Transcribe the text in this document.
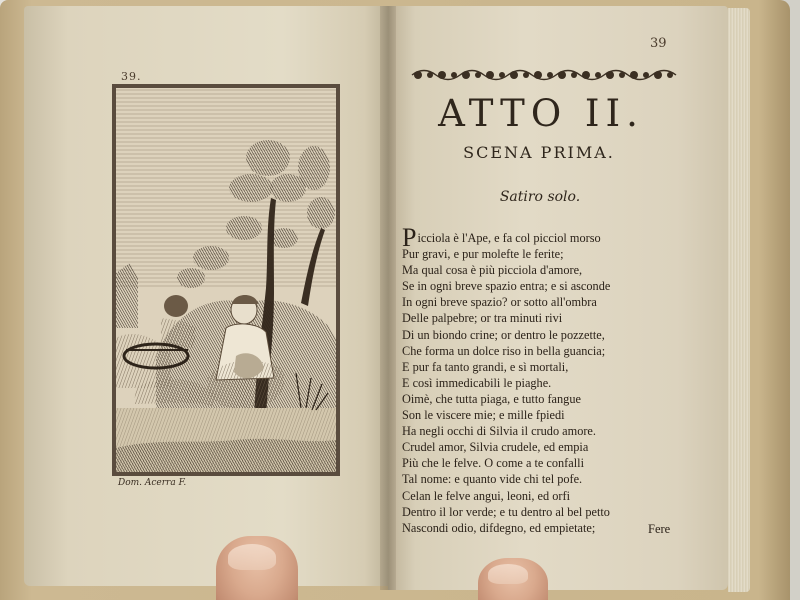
39.
Dom. Acerra F.
39
ATTO II.
SCENA PRIMA.
Satiro solo.
Picciola è l'Ape, e fa col picciol morso
Pur gravi, e pur molefte le ferite;
Ma qual cosa è più picciola d'amore,
Se in ogni breve spazio entra; e si asconde
In ogni breve spazio? or sotto all'ombra
Delle palpebre; or tra minuti rivi
Di un biondo crine; or dentro le pozzette,
Che forma un dolce riso in bella guancia;
E pur fa tanto grandi, e sì mortali,
E così immedicabili le piaghe.
Oimè, che tutta piaga, e tutto fangue
Son le viscere mie; e mille fpiedi
Ha negli occhi di Silvia il crudo amore.
Crudel amor, Silvia crudele, ed empia
Più che le felve. O come a te confalli
Tal nome: e quanto vide chi tel pofe.
Celan le felve angui, leoni, ed orfi
Dentro il lor verde; e tu dentro al bel petto
Nascondi odio, difdegno, ed empietate;	Fere
